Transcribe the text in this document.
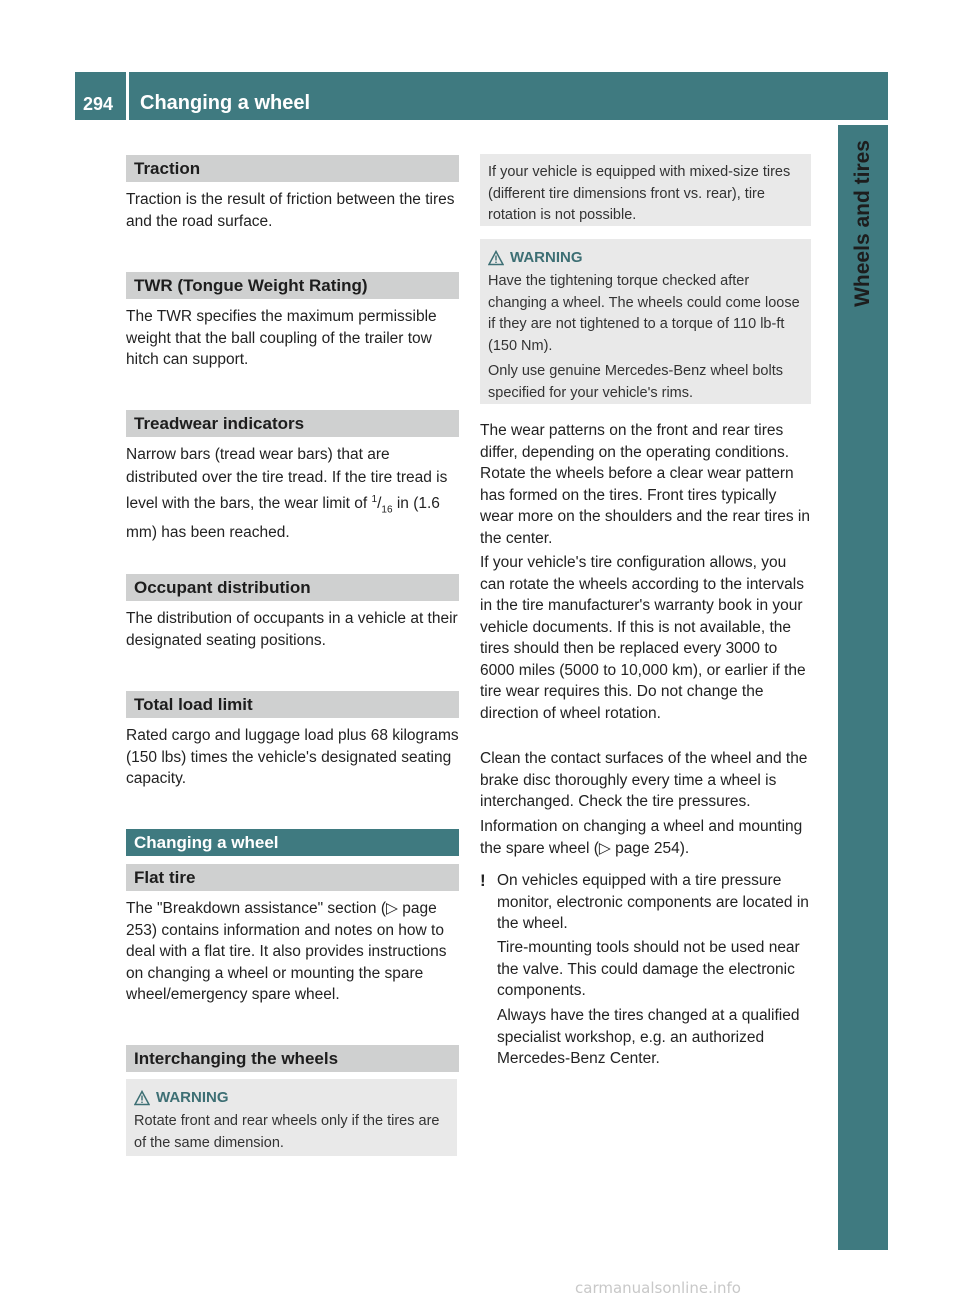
294 Changing a wheel
Wheels and tires
Traction
Traction is the result of friction between the tires and the road surface.
TWR (Tongue Weight Rating)
The TWR specifies the maximum permissible weight that the ball coupling of the trailer tow hitch can support.
Treadwear indicators
Narrow bars (tread wear bars) that are distributed over the tire tread. If the tire tread is level with the bars, the wear limit of $^1/_{16}$ in (1.6 mm) has been reached.
Occupant distribution
The distribution of occupants in a vehicle at their designated seating positions.
Total load limit
Rated cargo and luggage load plus 68 kilograms (150 lbs) times the vehicle's designated seating capacity.
Changing a wheel
Flat tire
The "Breakdown assistance" section (▷ page 253) contains information and notes on how to deal with a flat tire. It also provides instructions on changing a wheel or mounting the spare wheel/emergency spare wheel.
Interchanging the wheels
WARNING

Rotate front and rear wheels only if the tires are of the same dimension.

If your vehicle is equipped with mixed-size tires (different tire dimensions front vs. rear), tire rotation is not possible.

WARNING

Have the tightening torque checked after changing a wheel. The wheels could come loose if they are not tightened to a torque of 110 lb-ft (150 Nm).

Only use genuine Mercedes-Benz wheel bolts specified for your vehicle's rims.

The wear patterns on the front and rear tires differ, depending on the operating conditions. Rotate the wheels before a clear wear pattern has formed on the tires. Front tires typically wear more on the shoulders and the rear tires in the center.
If your vehicle's tire configuration allows, you can rotate the wheels according to the intervals in the tire manufacturer's warranty book in your vehicle documents. If this is not available, the tires should then be replaced every 3000 to 6000 miles (5000 to 10,000 km), or earlier if the tire wear requires this. Do not change the direction of wheel rotation.
Clean the contact surfaces of the wheel and the brake disc thoroughly every time a wheel is interchanged. Check the tire pressures.
Information on changing a wheel and mounting the spare wheel (▷ page 254).
! On vehicles equipped with a tire pressure monitor, electronic components are located in the wheel.
Tire-mounting tools should not be used near the valve. This could damage the electronic components.
Always have the tires changed at a qualified specialist workshop, e.g. an authorized Mercedes-Benz Center.
carmanualsonline.info
